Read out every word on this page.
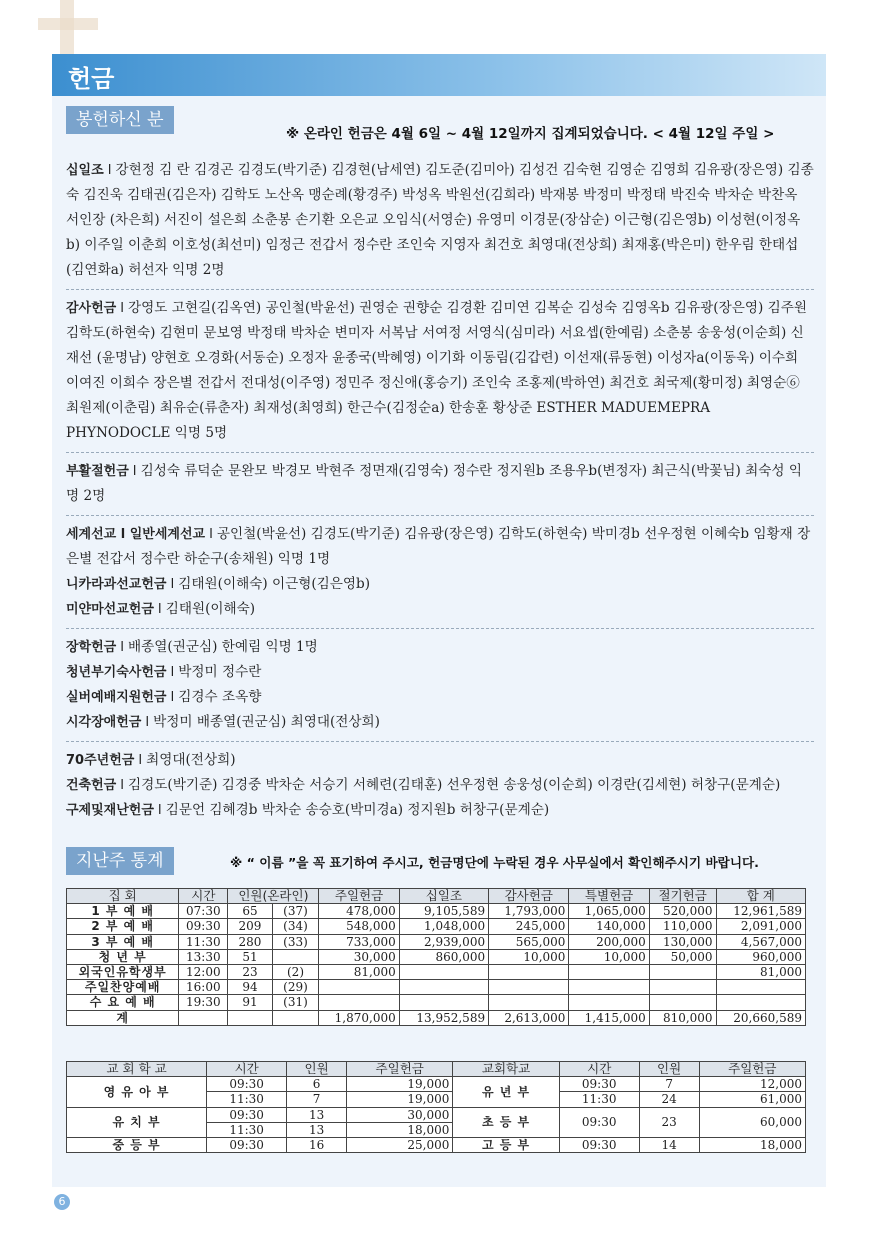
헌금
봉헌하신 분
※ 온라인 헌금은 4월 6일 ~ 4월 12일까지 집계되었습니다. < 4월 12일 주일 >

십일조 l 강현정 김 란 김경곤 김경도(박기준) 김경현(남세연) 김도준(김미아) 김성건 김숙현 김영순 김영희 김유광(장은영) 김종숙 김진욱 김태권(김은자) 김학도 노산옥 맹순례(황경주) 박성옥 박원선(김희라) 박재봉 박정미 박정태 박진숙 박차순 박찬옥 서인장 (차은희) 서진이 설은희 소춘봉 손기환 오은교 오임식(서영순) 유영미 이경문(장삼순) 이근형(김은영b) 이성현(이정옥b) 이주일 이춘희 이호성(최선미) 임정근 전갑서 정수란 조인숙 지영자 최건호 최영대(전상희) 최재홍(박은미) 한우림 한태섭(김연화a) 허선자 익명 2명

감사헌금 l 강영도 고현길(김옥연) 공인철(박윤선) 권영순 권향순 김경환 김미연 김복순 김성숙 김영옥b 김유광(장은영) 김주원 김학도(하현숙) 김현미 문보영 박정태 박차순 변미자 서복남 서여정 서영식(심미라) 서요셉(한예림) 소춘봉 송웅성(이순희) 신재선 (윤명남) 양현호 오경화(서동순) 오정자 윤종국(박혜영) 이기화 이동림(김갑련) 이선재(류동현) 이성자a(이동욱) 이수희 이여진 이희수 장은별 전갑서 전대성(이주영) 정민주 정신애(홍승기) 조인숙 조홍제(박하연) 최건호 최국제(황미정) 최영순⑥ 최원제(이춘림) 최유순(류춘자) 최재성(최영희) 한근수(김정순a) 한송훈 황상준 ESTHER MADUEMEPRA PHYNODOCLE 익명 5명

부활절헌금 l 김성숙 류덕순 문완모 박경모 박현주 정면재(김영숙) 정수란 정지원b 조용우b(변정자) 최근식(박꽃님) 최숙성 익명 2명

세계선교 l 일반세계선교 l 공인철(박윤선) 김경도(박기준) 김유광(장은영) 김학도(하현숙) 박미경b 선우정현 이혜숙b 임황재 장은별 전갑서 정수란 하순구(송채원) 익명 1명

니카라과선교헌금 l 김태원(이해숙) 이근형(김은영b)

미얀마선교헌금 l 김태원(이해숙)

장학헌금 l 배종열(권군심) 한예림 익명 1명

청년부기숙사헌금 l 박정미 정수란

실버예배지원헌금 l 김경수 조옥향

시각장애헌금 l 박정미 배종열(권군심) 최영대(전상희)

70주년헌금 l 최영대(전상희)

건축헌금 l 김경도(박기준) 김경중 박차순 서승기 서혜련(김태훈) 선우정현 송웅성(이순희) 이경란(김세현) 허창구(문계순)

구제및재난헌금 l 김문언 김혜경b 박차순 송승호(박미경a) 정지원b 허창구(문계순)

지난주 통계	※ “ 이름 ”을 꼭 표기하여 주시고, 헌금명단에 누락된 경우 사무실에서 확인해주시기 바랍니다.
집 회	시간	인원(온라인)		주일헌금	십일조	감사헌금	특별헌금	절기헌금	합 계
1 부 예 배	07:30	65	(37)	478,000	9,105,589	1,793,000	1,065,000	520,000	12,961,589
2 부 예 배	09:30	209	(34)	548,000	1,048,000	245,000	140,000	110,000	2,091,000
3 부 예 배	11:30	280	(33)	733,000	2,939,000	565,000	200,000	130,000	4,567,000
청 년 부	13:30	51		30,000	860,000	10,000	10,000	50,000	960,000
외국인유학생부	12:00	23	(2)	81,000					81,000
주일찬양예배	16:00	94	(29)						
수 요 예 배	19:30	91	(31)						
계				1,870,000	13,952,589	2,613,000	1,415,000	810,000	20,660,589
교 회 학 교	시간	인원	주일헌금	교회학교	시간	인원	주일헌금
영 유 아 부	09:30	6	19,000	유 년 부	09:30	7	12,000
	11:30	7	19,000		11:30	24	61,000
유 치 부	09:30	13	30,000	초 등 부	09:30	23	60,000
	11:30	13	18,000				
중 등 부	09:30	16	25,000	고 등 부	09:30	14	18,000
6
